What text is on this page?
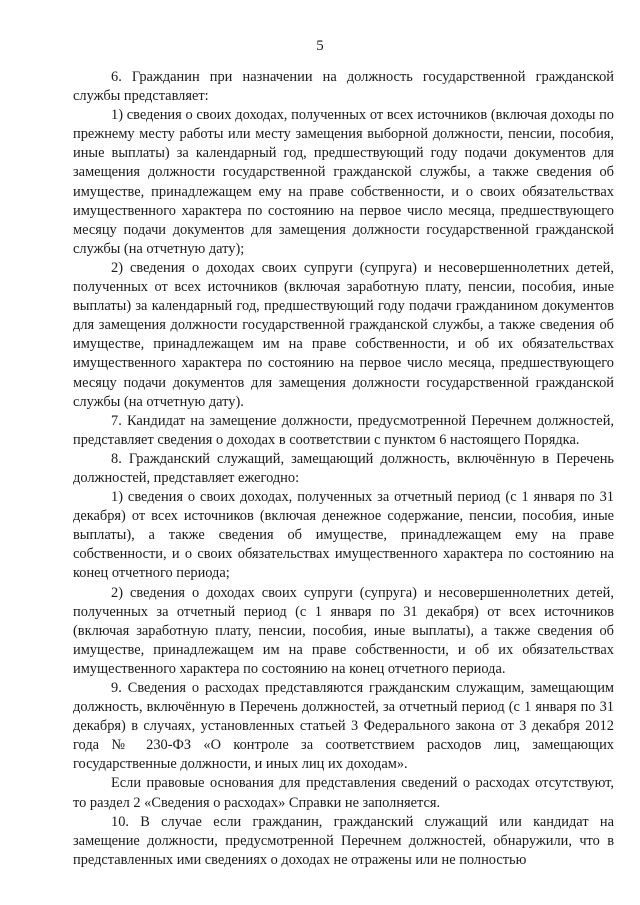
5

6. Гражданин при назначении на должность государственной гражданской службы представляет:

1) сведения о своих доходах, полученных от всех источников (включая доходы по прежнему месту работы или месту замещения выборной должности, пенсии, пособия, иные выплаты) за календарный год, предшествующий году подачи документов для замещения должности государственной гражданской службы, а также сведения об имуществе, принадлежащем ему на праве собственности, и о своих обязательствах имущественного характера по состоянию на первое число месяца, предшествующего месяцу подачи документов для замещения должности государственной гражданской службы (на отчетную дату);

2) сведения о доходах своих супруги (супруга) и несовершеннолетних детей, полученных от всех источников (включая заработную плату, пенсии, пособия, иные выплаты) за календарный год, предшествующий году подачи гражданином документов для замещения должности государственной гражданской службы, а также сведения об имуществе, принадлежащем им на праве собственности, и об их обязательствах имущественного характера по состоянию на первое число месяца, предшествующего месяцу подачи документов для замещения должности государственной гражданской службы (на отчетную дату).

7. Кандидат на замещение должности, предусмотренной Перечнем должностей, представляет сведения о доходах в соответствии с пунктом 6 настоящего Порядка.

8. Гражданский служащий, замещающий должность, включённую в Перечень должностей, представляет ежегодно:

1) сведения о своих доходах, полученных за отчетный период (с 1 января по 31 декабря) от всех источников (включая денежное содержание, пенсии, пособия, иные выплаты), а также сведения об имуществе, принадлежащем ему на праве собственности, и о своих обязательствах имущественного характера по состоянию на конец отчетного периода;

2) сведения о доходах своих супруги (супруга) и несовершеннолетних детей, полученных за отчетный период (с 1 января по 31 декабря) от всех источников (включая заработную плату, пенсии, пособия, иные выплаты), а также сведения об имуществе, принадлежащем им на праве собственности, и об их обязательствах имущественного характера по состоянию на конец отчетного периода.

9. Сведения о расходах представляются гражданским служащим, замещающим должность, включённую в Перечень должностей, за отчетный период (с 1 января по 31 декабря) в случаях, установленных статьей 3 Федерального закона от 3 декабря 2012 года № 230-ФЗ «О контроле за соответствием расходов лиц, замещающих государственные должности, и иных лиц их доходам».

Если правовые основания для представления сведений о расходах отсутствуют, то раздел 2 «Сведения о расходах» Справки не заполняется.

10. В случае если гражданин, гражданский служащий или кандидат на замещение должности, предусмотренной Перечнем должностей, обнаружили, что в представленных ими сведениях о доходах не отражены или не полностью
